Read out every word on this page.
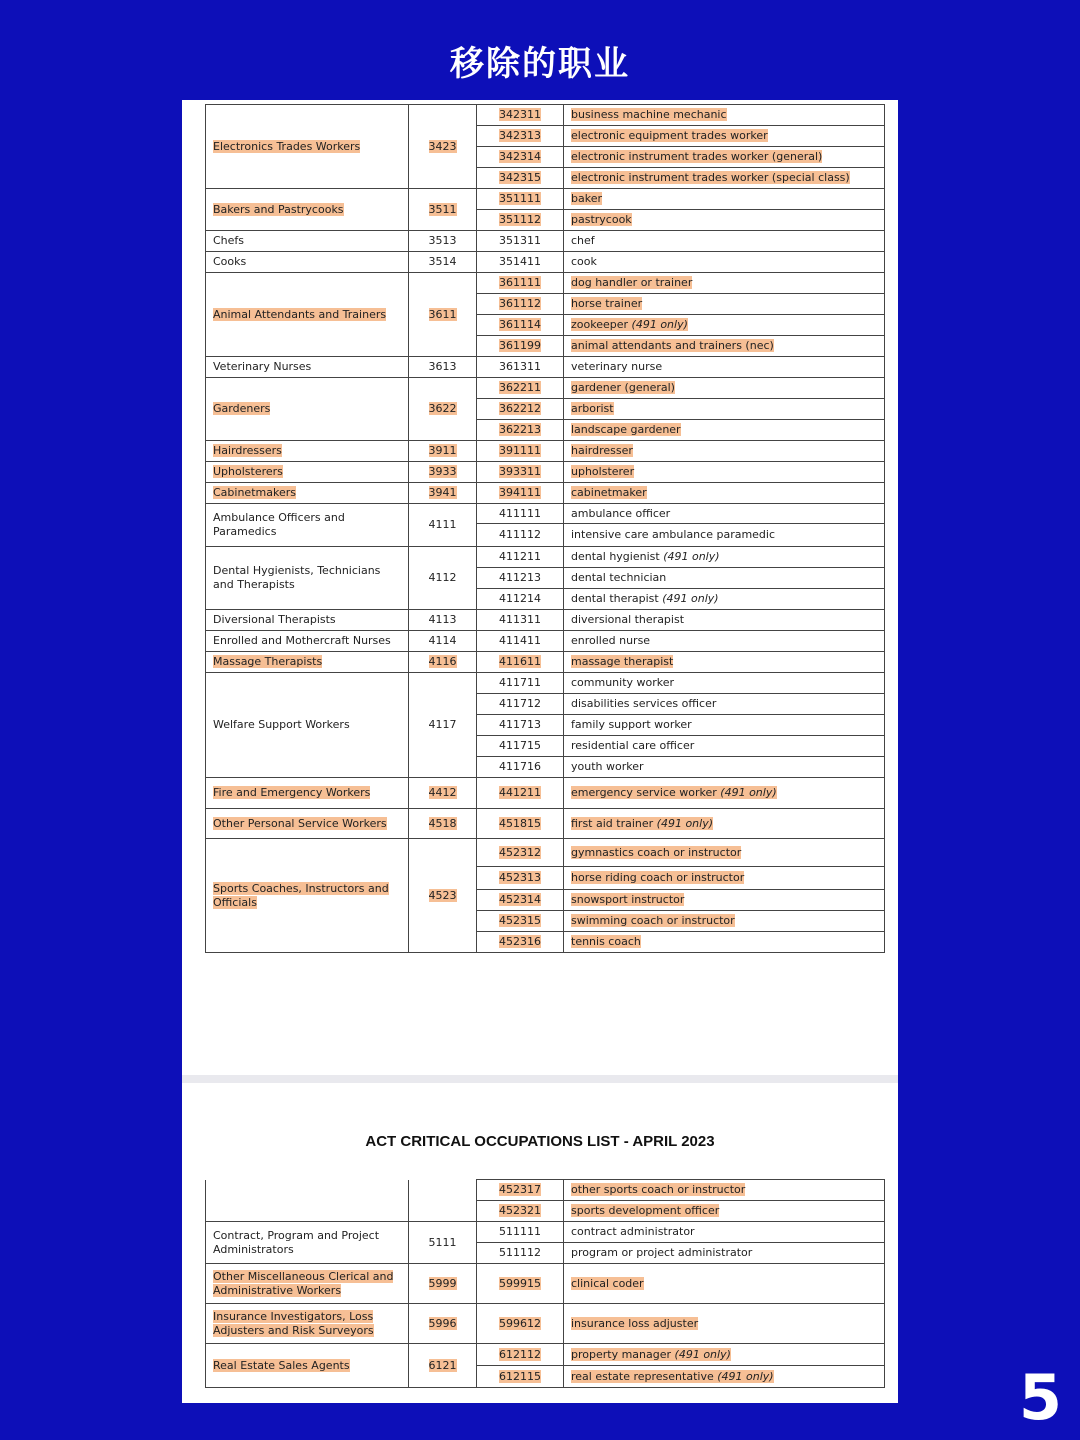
移除的职业
Electronics Trades Workers	3423	342311	business machine mechanic
		342313	electronic equipment trades worker
		342314	electronic instrument trades worker (general)
		342315	electronic instrument trades worker (special class)
Bakers and Pastrycooks	3511	351111	baker
		351112	pastrycook
Chefs	3513	351311	chef
Cooks	3514	351411	cook
Animal Attendants and Trainers	3611	361111	dog handler or trainer
		361112	horse trainer
		361114	zookeeper (491 only)
		361199	animal attendants and trainers (nec)
Veterinary Nurses	3613	361311	veterinary nurse
Gardeners	3622	362211	gardener (general)
		362212	arborist
		362213	landscape gardener
Hairdressers	3911	391111	hairdresser
Upholsterers	3933	393311	upholsterer
Cabinetmakers	3941	394111	cabinetmaker
Ambulance Officers and Paramedics	4111	411111	ambulance officer
		411112	intensive care ambulance paramedic
Dental Hygienists, Technicians and Therapists	4112	411211	dental hygienist (491 only)
		411213	dental technician
		411214	dental therapist (491 only)
Diversional Therapists	4113	411311	diversional therapist
Enrolled and Mothercraft Nurses	4114	411411	enrolled nurse
Massage Therapists	4116	411611	massage therapist
Welfare Support Workers	4117	411711	community worker
		411712	disabilities services officer
		411713	family support worker
		411715	residential care officer
		411716	youth worker
Fire and Emergency Workers	4412	441211	emergency service worker (491 only)
Other Personal Service Workers	4518	451815	first aid trainer (491 only)
Sports Coaches, Instructors and Officials	4523	452312	gymnastics coach or instructor
		452313	horse riding coach or instructor
		452314	snowsport instructor
		452315	swimming coach or instructor
		452316	tennis coach
ACT CRITICAL OCCUPATIONS LIST - APRIL 2023
		452317	other sports coach or instructor
		452321	sports development officer
Contract, Program and Project Administrators	5111	511111	contract administrator
		511112	program or project administrator
Other Miscellaneous Clerical and Administrative Workers	5999	599915	clinical coder
Insurance Investigators, Loss Adjusters and Risk Surveyors	5996	599612	insurance loss adjuster
Real Estate Sales Agents	6121	612112	property manager (491 only)
		612115	real estate representative (491 only)	5
